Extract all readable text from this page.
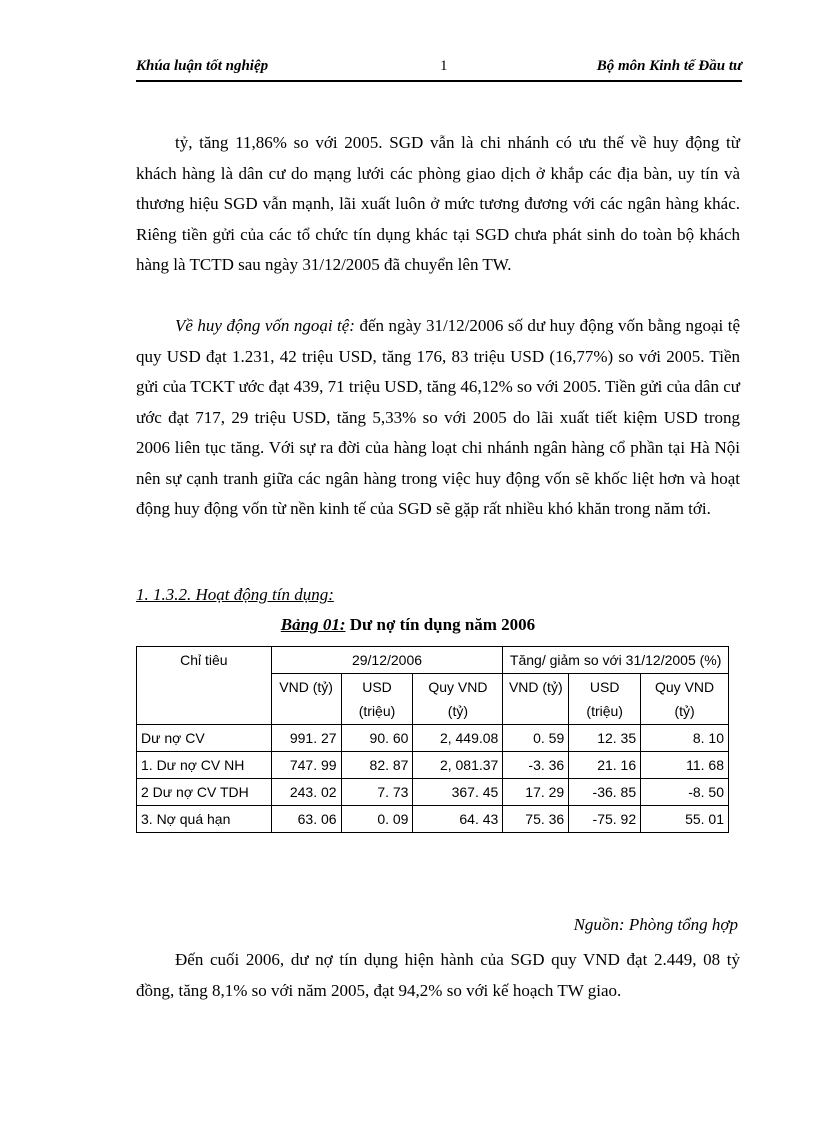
Khúa luận tốt nghiệp	1	Bộ môn Kinh tế Đầu tư

tỷ, tăng 11,86% so với 2005. SGD vẫn là chi nhánh có ưu thế về huy động từ khách hàng là dân cư do mạng lưới các phòng giao dịch ở khắp các địa bàn, uy tín và thương hiệu SGD vẫn mạnh, lãi xuất luôn ở mức tương đương với các ngân hàng khác. Riêng tiền gửi của các tổ chức tín dụng khác tại SGD chưa phát sinh do toàn bộ khách hàng là TCTD sau ngày 31/12/2005 đã chuyển lên TW.

Về huy động vốn ngoại tệ: đến ngày 31/12/2006 số dư huy động vốn bằng ngoại tệ quy USD đạt 1.231, 42 triệu USD, tăng 176, 83 triệu USD (16,77%) so với 2005. Tiền gửi của TCKT ước đạt 439, 71 triệu USD, tăng 46,12% so với 2005. Tiền gửi của dân cư ước đạt 717, 29 triệu USD, tăng 5,33% so với 2005 do lãi xuất tiết kiệm USD trong 2006 liên tục tăng. Với sự ra đời của hàng loạt chi nhánh ngân hàng cổ phần tại Hà Nội nên sự cạnh tranh giữa các ngân hàng trong việc huy động vốn sẽ khốc liệt hơn và hoạt động huy động vốn từ nền kinh tế của SGD sẽ gặp rất nhiều khó khăn trong năm tới.

1. 1.3.2. Hoạt động tín dụng:
Bảng 01: Dư nợ tín dụng năm 2006
Chỉ tiêu	29/12/2006			Tăng/ giảm so với 31/12/2005 (%)		
	VND (tỷ)	USD (triệu)	Quy VND (tỷ)	VND (tỷ)	USD (triệu)	Quy VND (tỷ)
Dư nợ CV	991. 27	90. 60	2, 449.08	0. 59	12. 35	8. 10
1. Dư nợ CV NH	747. 99	82. 87	2, 081.37	-3. 36	21. 16	11. 68
2 Dư nợ CV TDH	243. 02	7. 73	367. 45	17. 29	-36. 85	-8. 50
3. Nợ quá hạn	63. 06	0. 09	64. 43	75. 36	-75. 92	55. 01
Nguồn: Phòng tổng hợp

Đến cuối 2006, dư nợ tín dụng hiện hành của SGD quy VND đạt 2.449, 08 tỷ đồng, tăng 8,1% so với năm 2005, đạt 94,2% so với kế hoạch TW giao.
